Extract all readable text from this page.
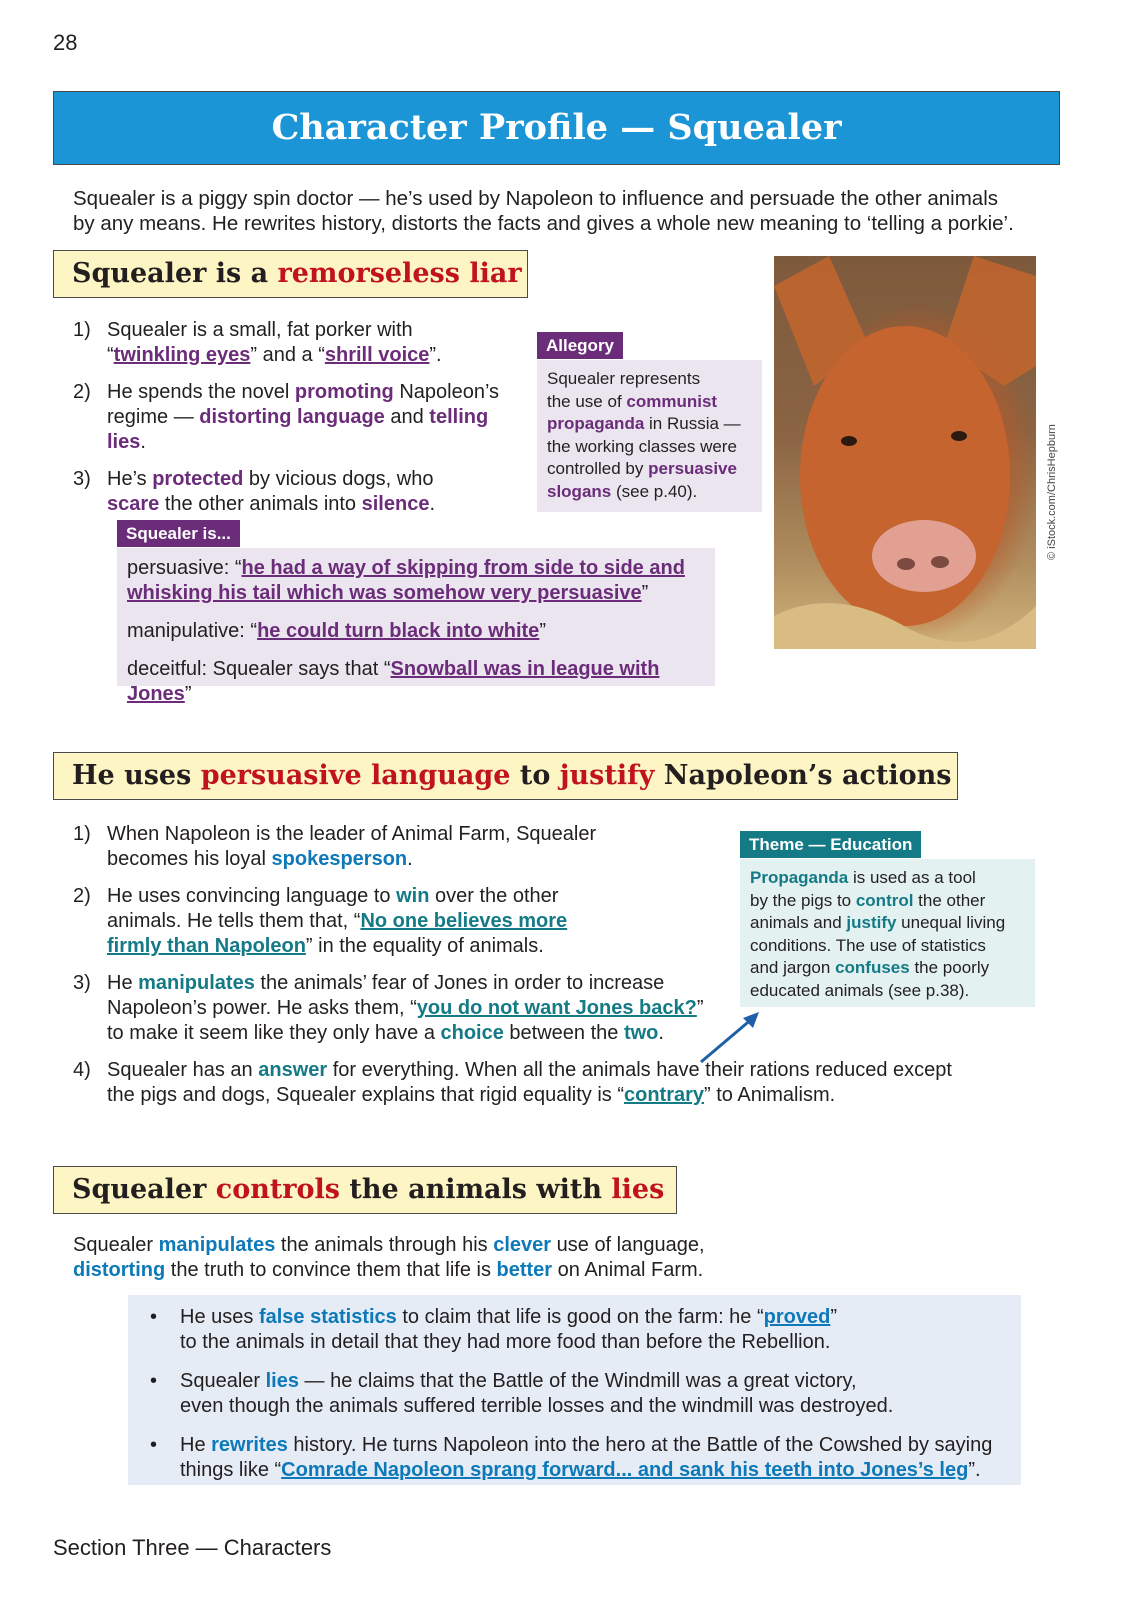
28
Character Profile — Squealer
Squealer is a piggy spin doctor — he’s used by Napoleon to influence and persuade the other animals
by any means. He rewrites history, distorts the facts and gives a whole new meaning to ‘telling a porkie’.
Squealer is a remorseless liar
1) Squealer is a small, fat porker with
“twinkling eyes” and a “shrill voice”.
2) He spends the novel promoting Napoleon’s
regime — distorting language and telling lies.
3) He’s protected by vicious dogs, who
scare the other animals into silence.
Allegory
Squealer represents
the use of communist
propaganda in Russia —
the working classes were
controlled by persuasive
slogans (see p.40).	© iStock.com/ChrisHepburn
Squealer is...

persuasive: “he had a way of skipping from side to side and
whisking his tail which was somehow very persuasive”

manipulative: “he could turn black into white”

deceitful: Squealer says that “Snowball was in league with Jones”

He uses persuasive language to justify Napoleon’s actions
1) When Napoleon is the leader of Animal Farm, Squealer
becomes his loyal spokesperson.
2) He uses convincing language to win over the other
animals. He tells them that, “No one believes more
firmly than Napoleon” in the equality of animals.
3) He manipulates the animals’ fear of Jones in order to increase
Napoleon’s power. He asks them, “you do not want Jones back?”
to make it seem like they only have a choice between the two.
4) Squealer has an answer for everything. When all the animals have their rations reduced except
the pigs and dogs, Squealer explains that rigid equality is “contrary” to Animalism.
Theme — Education
Propaganda is used as a tool
by the pigs to control the other
animals and justify unequal living
conditions. The use of statistics
and jargon confuses the poorly
educated animals (see p.38).
Squealer controls the animals with lies
Squealer manipulates the animals through his clever use of language,
distorting the truth to convince them that life is better on Animal Farm.
• He uses false statistics to claim that life is good on the farm: he “proved”
to the animals in detail that they had more food than before the Rebellion.
• Squealer lies — he claims that the Battle of the Windmill was a great victory,
even though the animals suffered terrible losses and the windmill was destroyed.
• He rewrites history. He turns Napoleon into the hero at the Battle of the Cowshed by saying
things like “Comrade Napoleon sprang forward... and sank his teeth into Jones’s leg”.
Section Three — Characters
